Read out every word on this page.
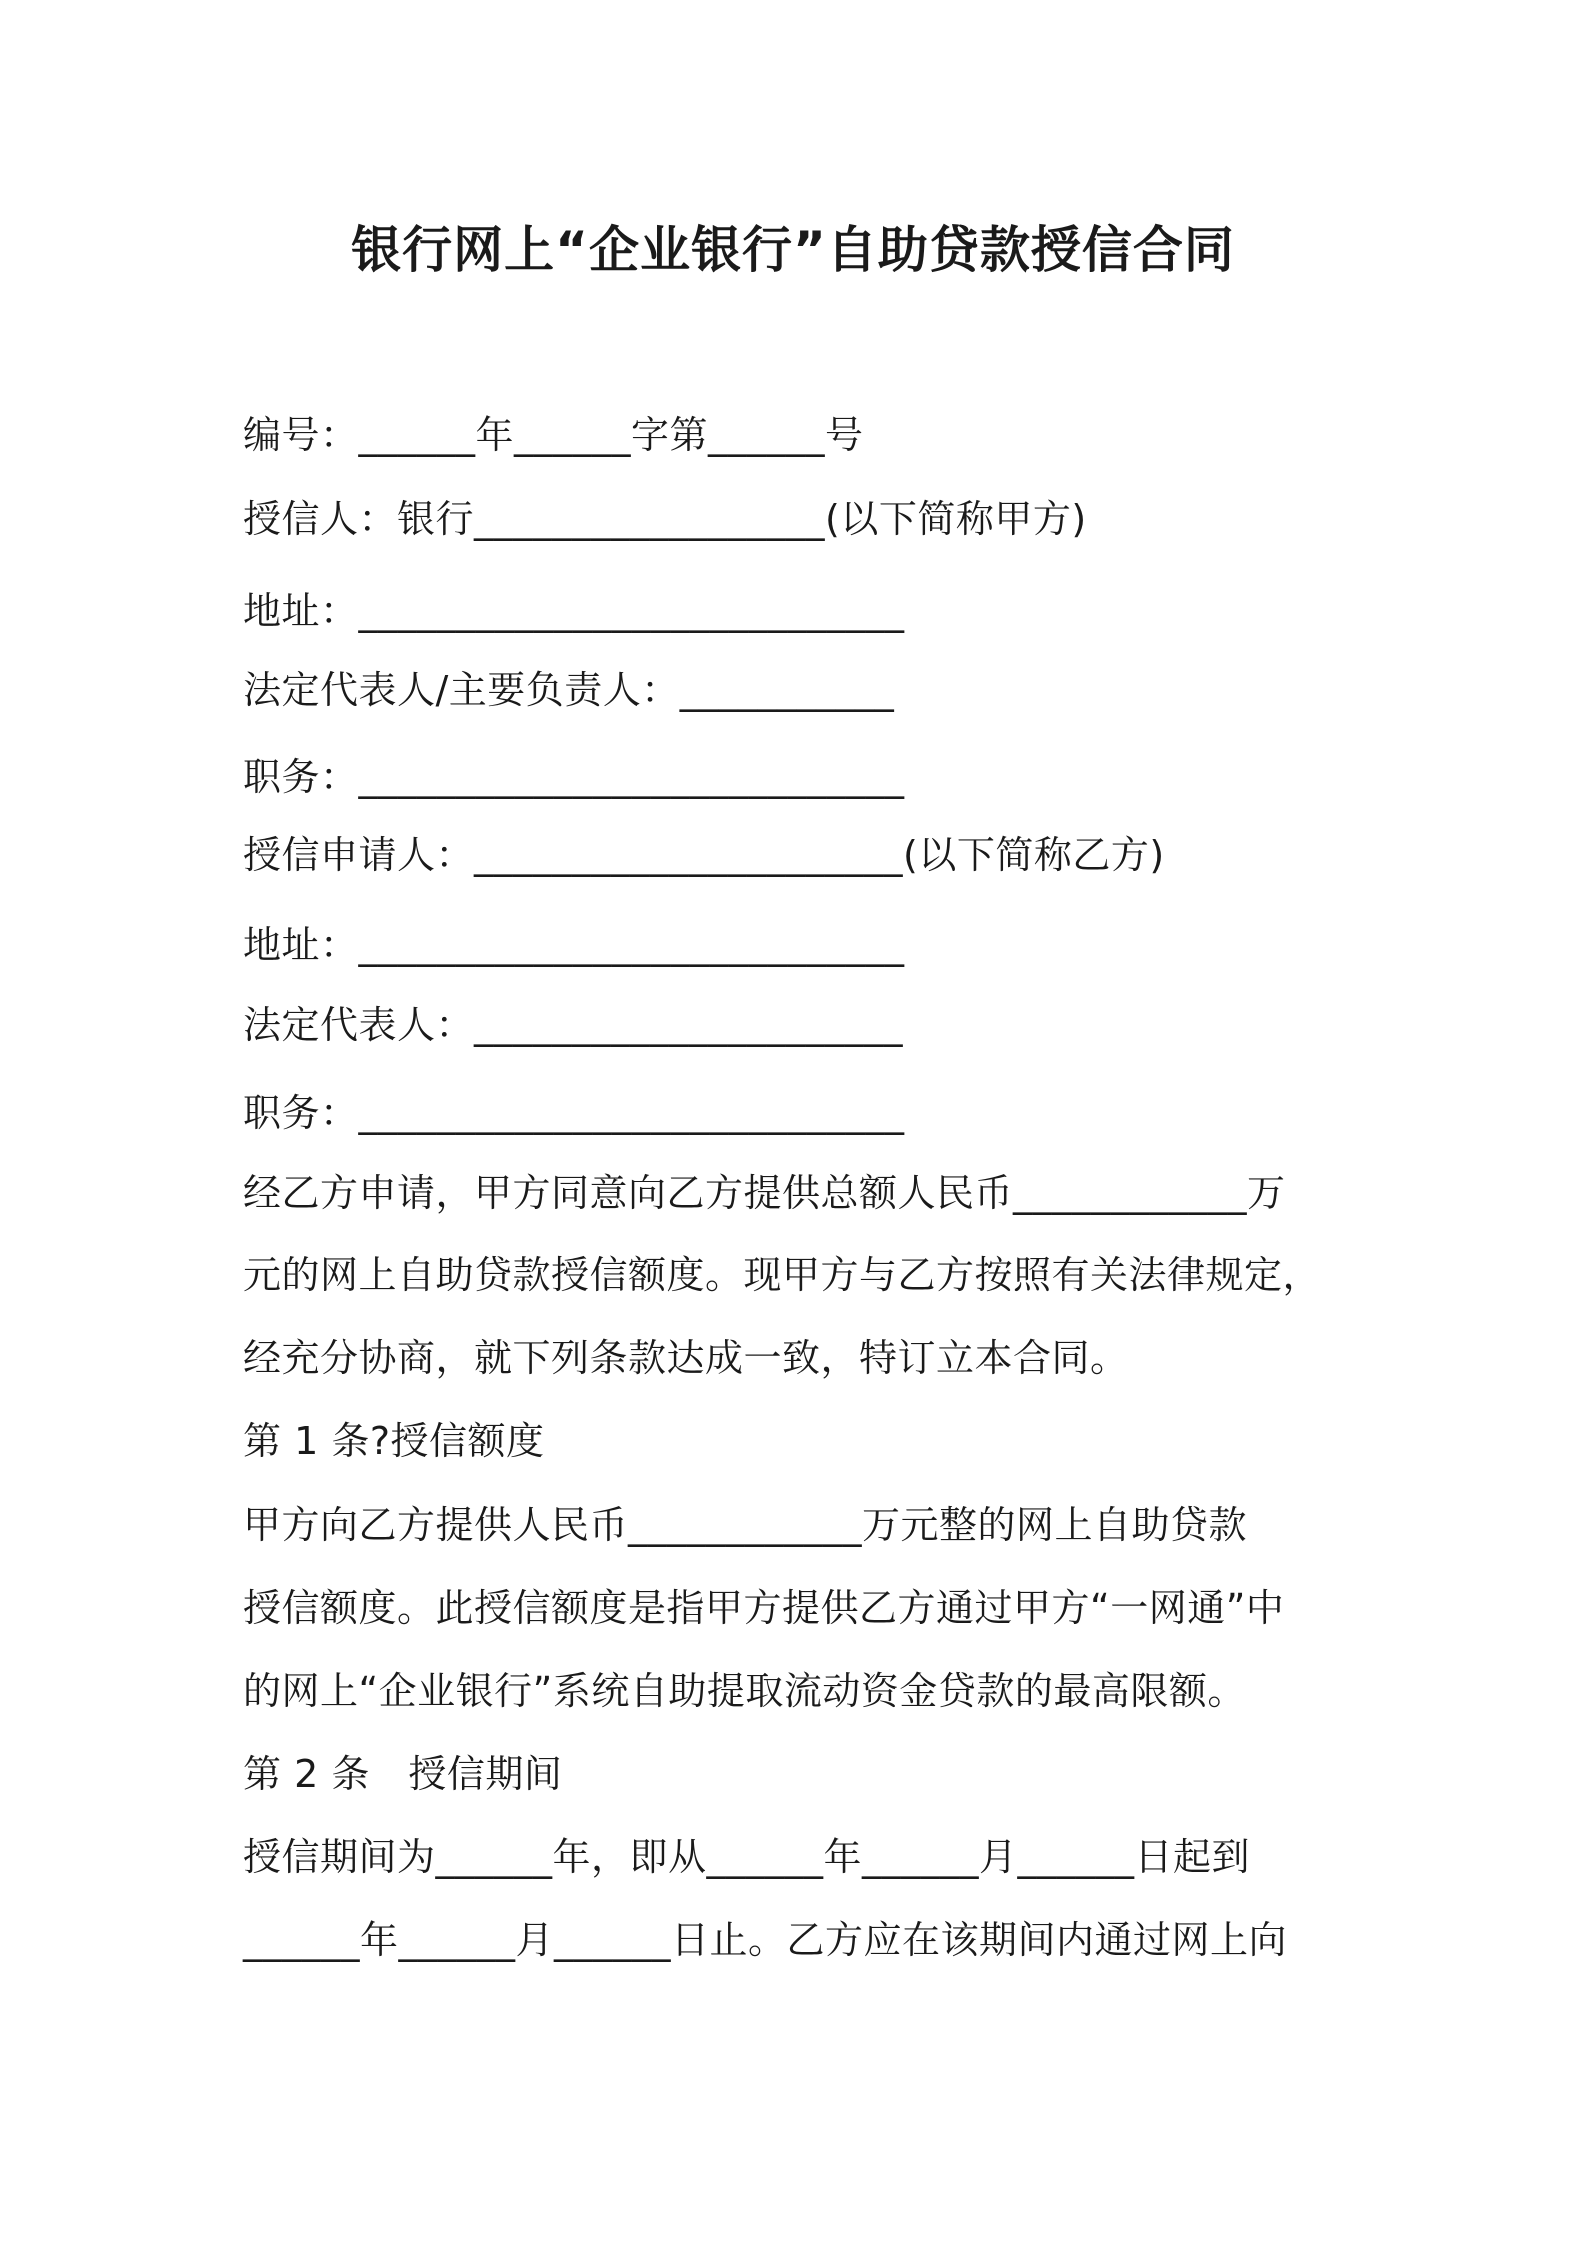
银行网上“企业银行”自助贷款授信合同

编号：______年______字第______号

授信人：银行__________________(以下简称甲方)

地址：____________________________

法定代表人/主要负责人：___________

职务：____________________________

授信申请人：______________________(以下简称乙方)

地址：____________________________

法定代表人：______________________

职务：____________________________

经乙方申请，甲方同意向乙方提供总额人民币____________万

元的网上自助贷款授信额度。现甲方与乙方按照有关法律规定，

经充分协商，就下列条款达成一致，特订立本合同。

第 1 条?授信额度

甲方向乙方提供人民币____________万元整的网上自助贷款

授信额度。此授信额度是指甲方提供乙方通过甲方“一网通”中

的网上“企业银行”系统自助提取流动资金贷款的最高限额。

第 2 条　授信期间

授信期间为______年，即从______年______月______日起到

______年______月______日止。乙方应在该期间内通过网上向
